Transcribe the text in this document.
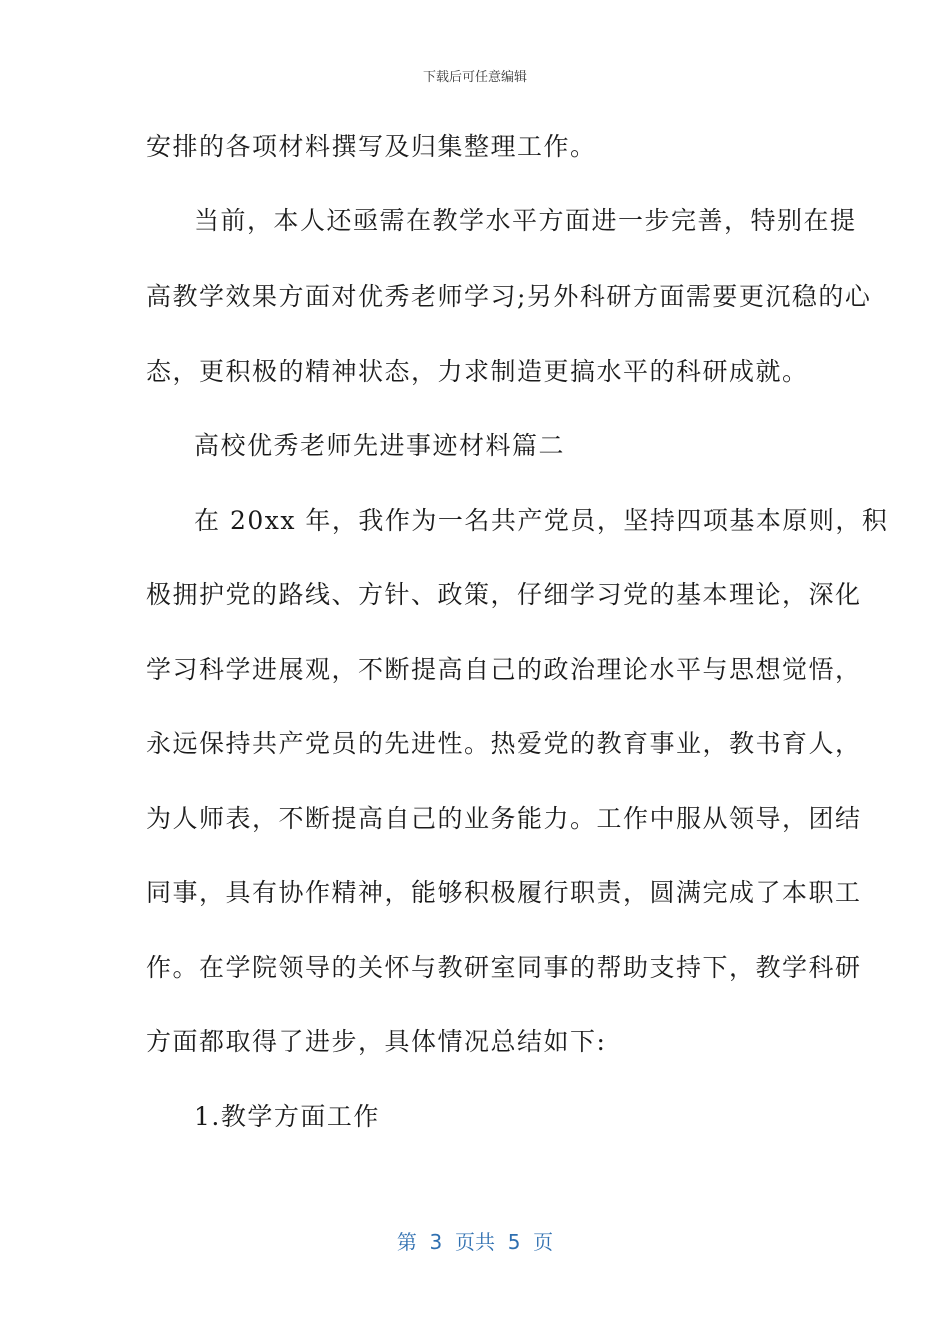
下载后可任意编辑
安排的各项材料撰写及归集整理工作。
当前，本人还亟需在教学水平方面进一步完善，特别在提
高教学效果方面对优秀老师学习;另外科研方面需要更沉稳的心
态，更积极的精神状态，力求制造更搞水平的科研成就。
高校优秀老师先进事迹材料篇二
在 20xx 年，我作为一名共产党员，坚持四项基本原则，积
极拥护党的路线、方针、政策，仔细学习党的基本理论，深化
学习科学进展观，不断提高自己的政治理论水平与思想觉悟，
永远保持共产党员的先进性。热爱党的教育事业，教书育人，
为人师表，不断提高自己的业务能力。工作中服从领导，团结
同事，具有协作精神，能够积极履行职责，圆满完成了本职工
作。在学院领导的关怀与教研室同事的帮助支持下，教学科研
方面都取得了进步，具体情况总结如下:
1.教学方面工作
第  3  页共  5  页
